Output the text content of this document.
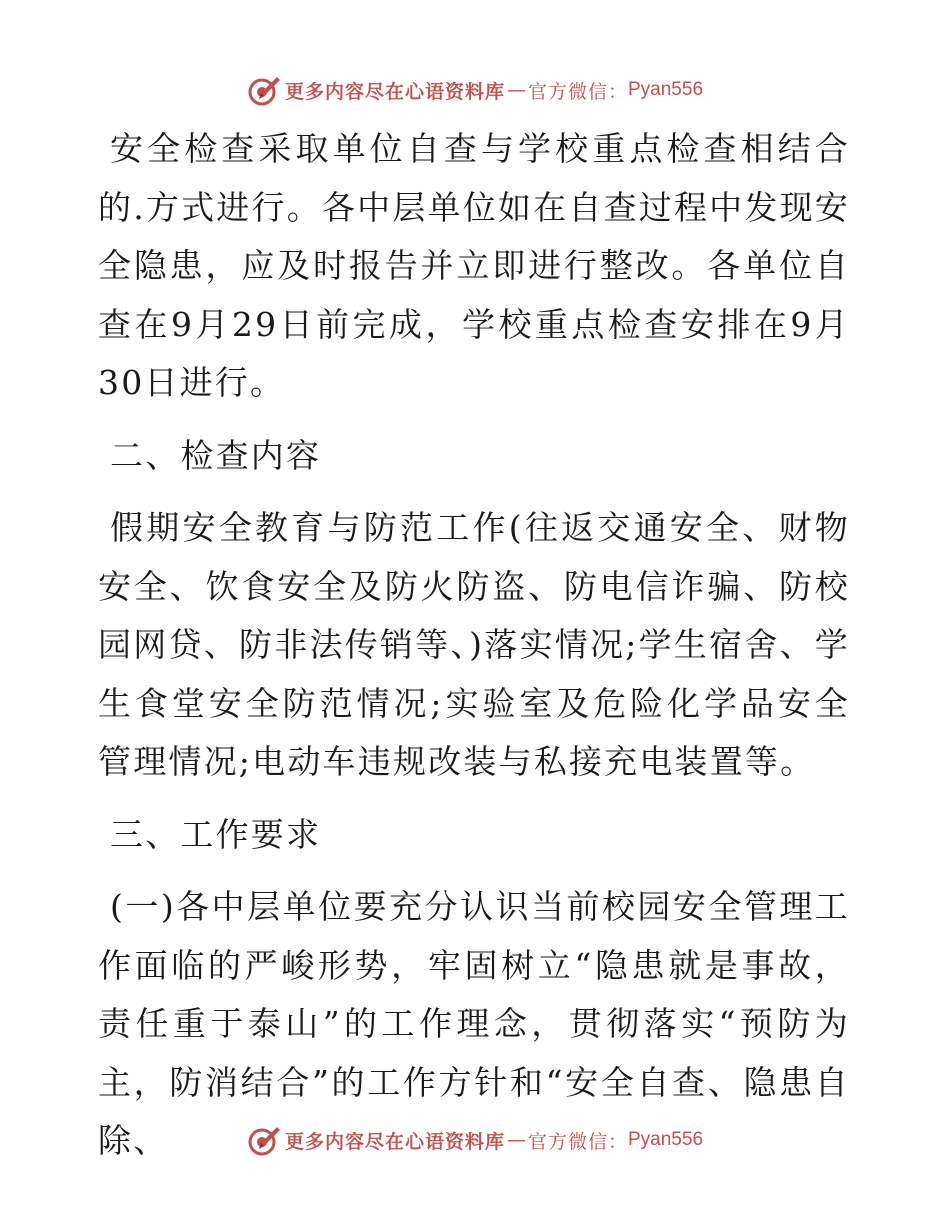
更多内容尽在心语资料库 — 官方微信： Pyan556

安全检查采取单位自查与学校重点检查相结合的.方式进行。各中层单位如在自查过程中发现安全隐患，应及时报告并立即进行整改。各单位自查在9月29日前完成，学校重点检查安排在9月30日进行。

二、检查内容

假期安全教育与防范工作(往返交通安全、财物安全、饮食安全及防火防盗、防电信诈骗、防校园网贷、防非法传销等、)落实情况;学生宿舍、学生食堂安全防范情况;实验室及危险化学品安全管理情况;电动车违规改装与私接充电装置等。

三、工作要求

(一)各中层单位要充分认识当前校园安全管理工作面临的严峻形势，牢固树立“隐患就是事故，责任重于泰山”的工作理念，贯彻落实“预防为主，防消结合”的工作方针和“安全自查、隐患自除、	更多内容尽在心语资料库 — 官方微信： Pyan556
